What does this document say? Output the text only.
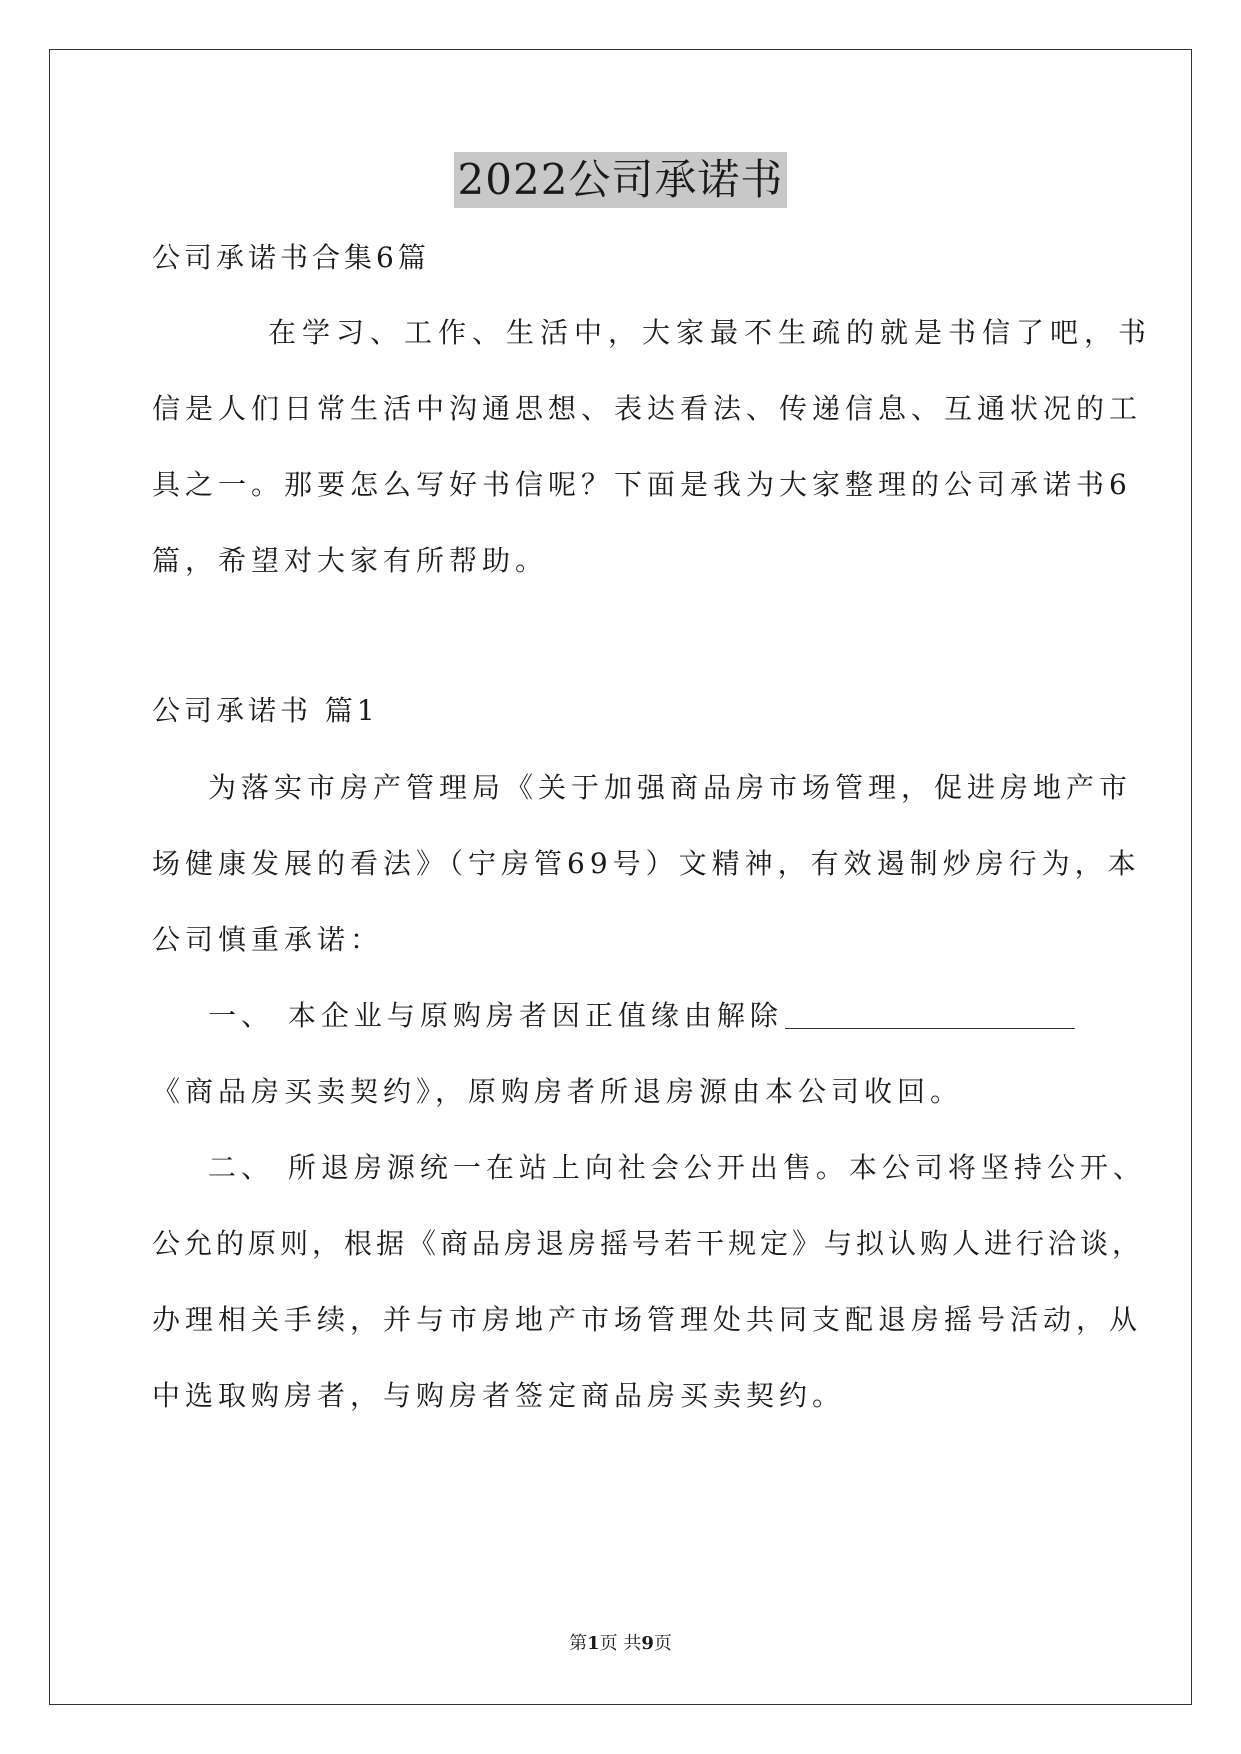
2022公司承诺书
公司承诺书合集6篇
在学习、工作、生活中，大家最不生疏的就是书信了吧，书
信是人们日常生活中沟通思想、表达看法、传递信息、互通状况的工
具之一。那要怎么写好书信呢？下面是我为大家整理的公司承诺书6
篇，希望对大家有所帮助。
公司承诺书 篇1
为落实市房产管理局《关于加强商品房市场管理，促进房地产市
场健康发展的看法》（宁房管69号）文精神，有效遏制炒房行为，本
公司慎重承诺：
一、 本企业与原购房者因正值缘由解除
《商品房买卖契约》，原购房者所退房源由本公司收回。
二、 所退房源统一在站上向社会公开出售。本公司将坚持公开、
公允的原则，根据《商品房退房摇号若干规定》与拟认购人进行洽谈，
办理相关手续，并与市房地产市场管理处共同支配退房摇号活动，从
中选取购房者，与购房者签定商品房买卖契约。
第1页 共9页
